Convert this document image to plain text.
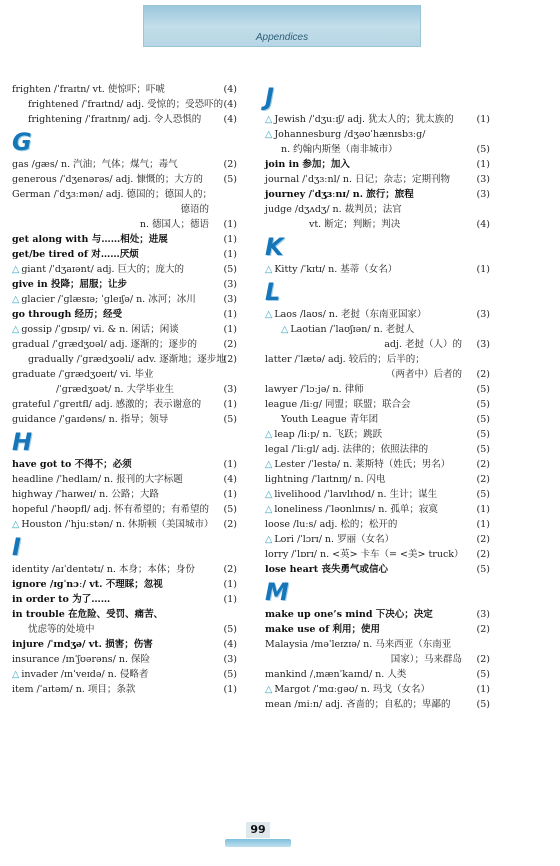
Appendices
frighten /ˈfraɪtn/ vt. 使惊吓；吓唬	(4)
frightened /ˈfraɪtnd/ adj. 受惊的；受恐吓的 (4)
frightening /ˈfraɪtnɪŋ/ adj. 令人恐惧的 (4)
G
gas /ɡæs/ n. 汽油；气体；煤气；毒气	(2)
generous /ˈdʒenərəs/ adj. 慷慨的；大方的 (5)
German /ˈdʒɜːmən/ adj. 德国的；德国人的；
德语的
n. 德国人；德语 (1)
get along with 与……相处；进展	(1)
get/be tired of 对……厌烦	(1)
△ giant /ˈdʒaɪənt/ adj. 巨大的；庞大的	(5)
give in 投降；屈服；让步	(3)
△ glacier /ˈɡlæsɪə; ˈɡleɪʃə/ n. 冰河；冰川	(3)
go through 经历；经受	(1)
△ gossip /ˈɡɒsɪp/ vi. & n. 闲话；闲谈	(1)
gradual /ˈɡrædʒʊəl/ adj. 逐渐的；逐步的	(2)
gradually /ˈɡrædʒʊəli/ adv. 逐渐地；逐步地
(2)
graduate /ˈɡrædʒʊeɪt/ vi. 毕业
/ˈɡrædʒʊət/ n. 大学毕业生	(3)
grateful /ˈɡreɪtfl/ adj. 感激的；表示谢意的 (1)
guidance /ˈɡaɪdəns/ n. 指导；领导	(5)
H
have got to 不得不；必须	(1)
headline /ˈhedlaɪn/ n. 报刊的大字标题	(4)
highway /ˈhaɪweɪ/ n. 公路；大路	(1)
hopeful /ˈhəʊpfl/ adj. 怀有希望的；有希望的 (5)
△ Houston /ˈhjuːstən/ n. 休斯顿（美国城市） (2)
I
identity /aɪˈdentətɪ/ n. 本身；本体；身份	(2)
ignore /ɪɡˈnɔː/ vt. 不理睬；忽视	(1)
in order to 为了……	(1)
in trouble 在危险、受罚、痛苦、
忧虑等的处境中	(5)
injure /ˈɪndʒə/ vt. 损害；伤害	(4)
insurance /ɪnˈʃʊərəns/ n. 保险	(3)
△ invader /ɪnˈveɪdə/ n. 侵略者	(5)
item /ˈaɪtəm/ n. 项目；条款	(1)
J
△ Jewish /ˈdʒuːɪʃ/ adj. 犹太人的；犹太族的 (1)
△ Johannesburg /dʒəʊˈhænɪsbɜːɡ/
n. 约翰内斯堡（南非城市）	(5)
join in 参加；加入	(1)
journal /ˈdʒɜːnl/ n. 日记；杂志；定期刊物	(3)
journey /ˈdʒɜːnɪ/ n. 旅行；旅程	(3)
judge /dʒʌdʒ/ n. 裁判员；法官
vt. 断定；判断；判决	(4)
K
△ Kitty /ˈkɪtɪ/ n. 基蒂（女名）	(1)
L
△ Laos /laʊs/ n. 老挝（东南亚国家）	(3)
△ Laotian /ˈlaʊʃɪən/ n. 老挝人
adj. 老挝（人）的 (3)
latter /ˈlætə/ adj. 较后的；后半的；
（两者中）后者的 (2)
lawyer /ˈlɔːjə/ n. 律师	(5)
league /liːɡ/ 同盟；联盟；联合会	(5)
Youth League 青年团	(5)
△ leap /liːp/ n. 飞跃；跳跃	(5)
legal /ˈliːɡl/ adj. 法律的；依照法律的	(5)
△ Lester /ˈlestə/ n. 莱斯特（姓氏；男名）	(2)
lightning /ˈlaɪtnɪŋ/ n. 闪电	(2)
△ livelihood /ˈlaɪvlɪhʊd/ n. 生计；谋生	(5)
△ loneliness /ˈləʊnlɪnɪs/ n. 孤单；寂寞	(1)
loose /luːs/ adj. 松的；松开的	(1)
△ Lori /ˈlɔrɪ/ n. 罗丽（女名）	(2)
lorry /ˈlɒrɪ/ n. <英> 卡车（= <美> truck） (2)
lose heart 丧失勇气或信心	(5)
M
make up one’s mind 下决心；决定	(3)
make use of 利用；使用	(2)
Malaysia /məˈleɪzɪə/ n. 马来西亚（东南亚
国家）；马来群岛 (2)
mankind /ˌmænˈkaɪnd/ n. 人类	(5)
△ Margot /ˈmɑːɡəʊ/ n. 玛戈（女名）	(1)
mean /miːn/ adj. 吝啬的；自私的；卑鄙的	(5)
99
